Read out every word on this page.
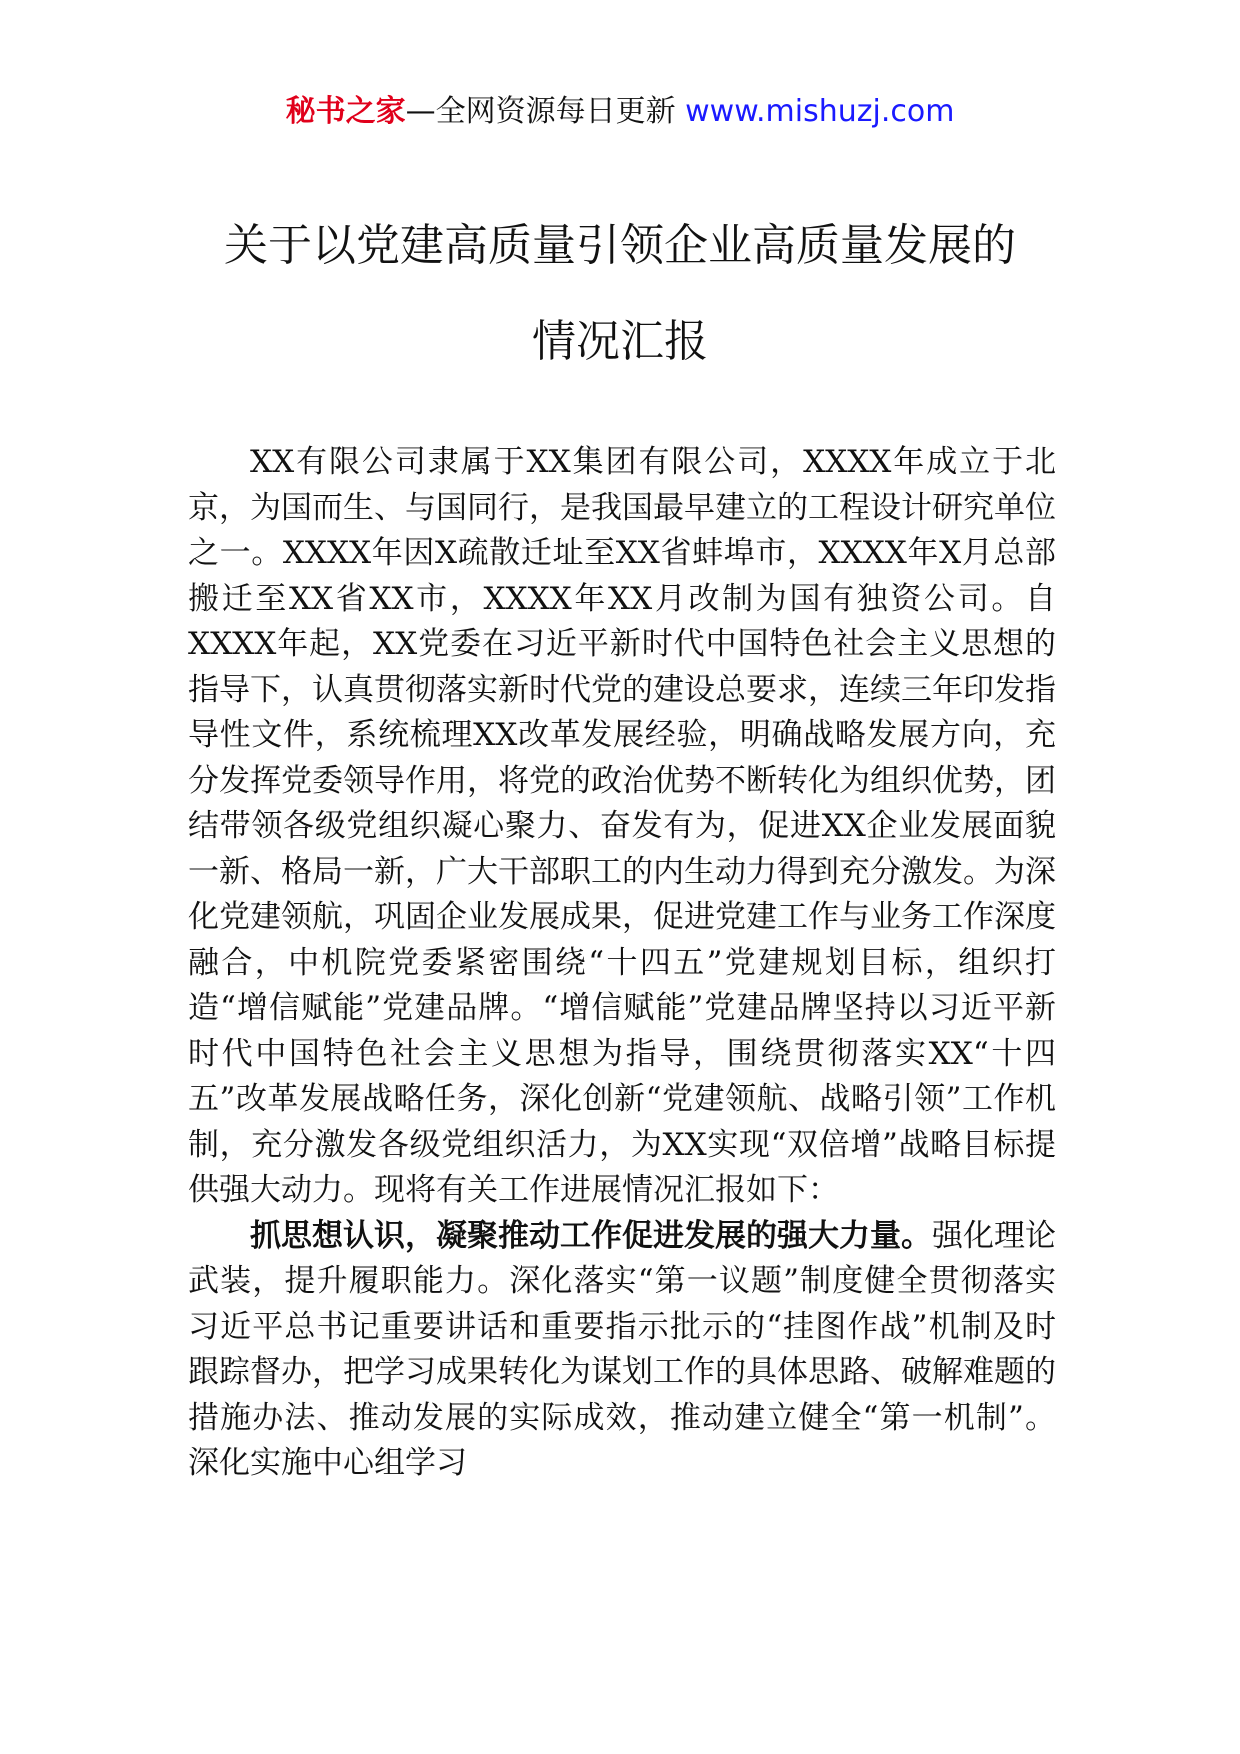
秘书之家—全网资源每日更新 www.mishuzj.com
关于以党建高质量引领企业高质量发展的
情况汇报

XX有限公司隶属于XX集团有限公司，XXXX年成立于北京，为国而生、与国同行，是我国最早建立的工程设计研究单位之一。XXXX年因X疏散迁址至XX省蚌埠市，XXXX年X月总部搬迁至XX省XX市，XXXX年XX月改制为国有独资公司。自XXXX年起，XX党委在习近平新时代中国特色社会主义思想的指导下，认真贯彻落实新时代党的建设总要求，连续三年印发指导性文件，系统梳理XX改革发展经验，明确战略发展方向，充分发挥党委领导作用，将党的政治优势不断转化为组织优势，团结带领各级党组织凝心聚力、奋发有为，促进XX企业发展面貌一新、格局一新，广大干部职工的内生动力得到充分激发。为深化党建领航，巩固企业发展成果，促进党建工作与业务工作深度融合，中机院党委紧密围绕“十四五”党建规划目标，组织打造“增信赋能”党建品牌。“增信赋能”党建品牌坚持以习近平新时代中国特色社会主义思想为指导，围绕贯彻落实XX“十四五”改革发展战略任务，深化创新“党建领航、战略引领”工作机制，充分激发各级党组织活力，为XX实现“双倍增”战略目标提供强大动力。现将有关工作进展情况汇报如下：

抓思想认识，凝聚推动工作促进发展的强大力量。强化理论武装，提升履职能力。深化落实“第一议题”制度健全贯彻落实习近平总书记重要讲话和重要指示批示的“挂图作战”机制及时跟踪督办，把学习成果转化为谋划工作的具体思路、破解难题的措施办法、推动发展的实际成效，推动建立健全“第一机制”。深化实施中心组学习
